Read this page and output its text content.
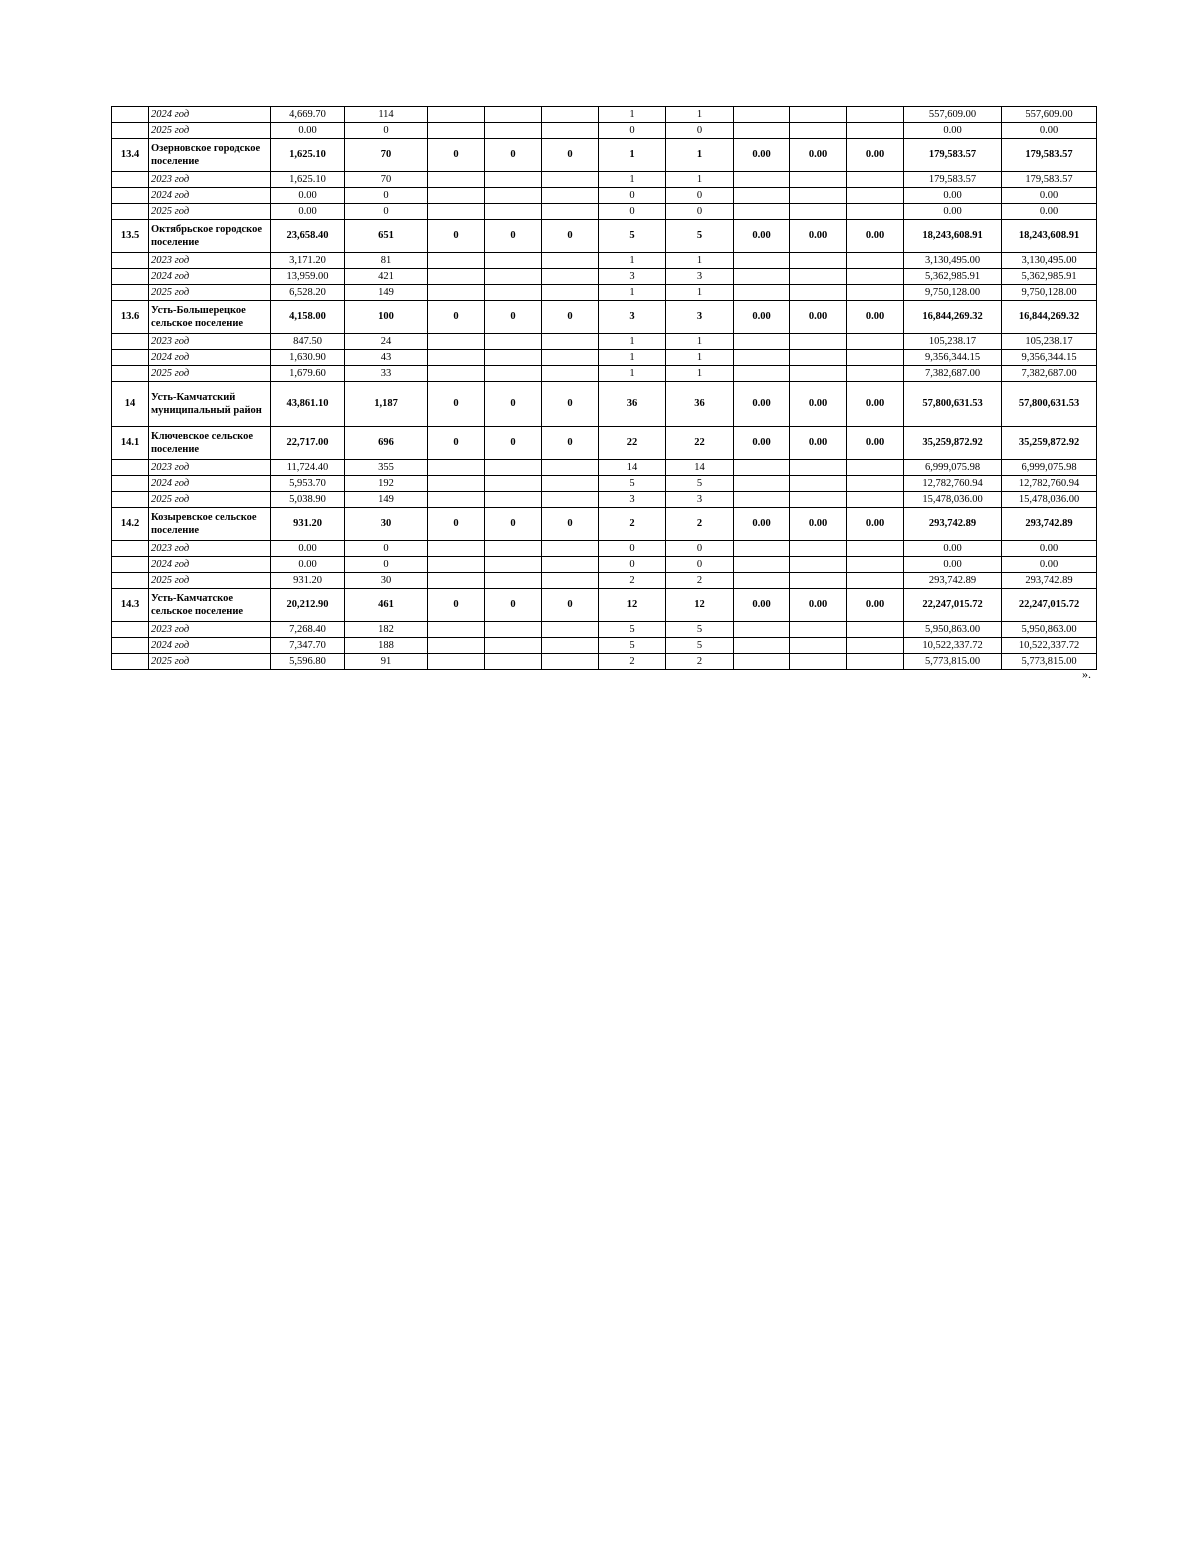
	2024 год	4,669.70	114				1	1				557,609.00	557,609.00
	2025 год	0.00	0				0	0				0.00	0.00
13.4	Озерновское городское поселение	1,625.10	70	0	0	0	1	1	0.00	0.00	0.00	179,583.57	179,583.57
	2023 год	1,625.10	70				1	1				179,583.57	179,583.57
	2024 год	0.00	0				0	0				0.00	0.00
	2025 год	0.00	0				0	0				0.00	0.00
13.5	Октябрьское городское поселение	23,658.40	651	0	0	0	5	5	0.00	0.00	0.00	18,243,608.91	18,243,608.91
	2023 год	3,171.20	81				1	1				3,130,495.00	3,130,495.00
	2024 год	13,959.00	421				3	3				5,362,985.91	5,362,985.91
	2025 год	6,528.20	149				1	1				9,750,128.00	9,750,128.00
13.6	Усть-Большерецкое сельское поселение	4,158.00	100	0	0	0	3	3	0.00	0.00	0.00	16,844,269.32	16,844,269.32
	2023 год	847.50	24				1	1				105,238.17	105,238.17
	2024 год	1,630.90	43				1	1				9,356,344.15	9,356,344.15
	2025 год	1,679.60	33				1	1				7,382,687.00	7,382,687.00
14	Усть-Камчатский муниципальный район	43,861.10	1,187	0	0	0	36	36	0.00	0.00	0.00	57,800,631.53	57,800,631.53
14.1	Ключевское сельское поселение	22,717.00	696	0	0	0	22	22	0.00	0.00	0.00	35,259,872.92	35,259,872.92
	2023 год	11,724.40	355				14	14				6,999,075.98	6,999,075.98
	2024 год	5,953.70	192				5	5				12,782,760.94	12,782,760.94
	2025 год	5,038.90	149				3	3				15,478,036.00	15,478,036.00
14.2	Козыревское сельское поселение	931.20	30	0	0	0	2	2	0.00	0.00	0.00	293,742.89	293,742.89
	2023 год	0.00	0				0	0				0.00	0.00
	2024 год	0.00	0				0	0				0.00	0.00
	2025 год	931.20	30				2	2				293,742.89	293,742.89
14.3	Усть-Камчатское сельское поселение	20,212.90	461	0	0	0	12	12	0.00	0.00	0.00	22,247,015.72	22,247,015.72
	2023 год	7,268.40	182				5	5				5,950,863.00	5,950,863.00
	2024 год	7,347.70	188				5	5				10,522,337.72	10,522,337.72
	2025 год	5,596.80	91				2	2				5,773,815.00	5,773,815.00
».
